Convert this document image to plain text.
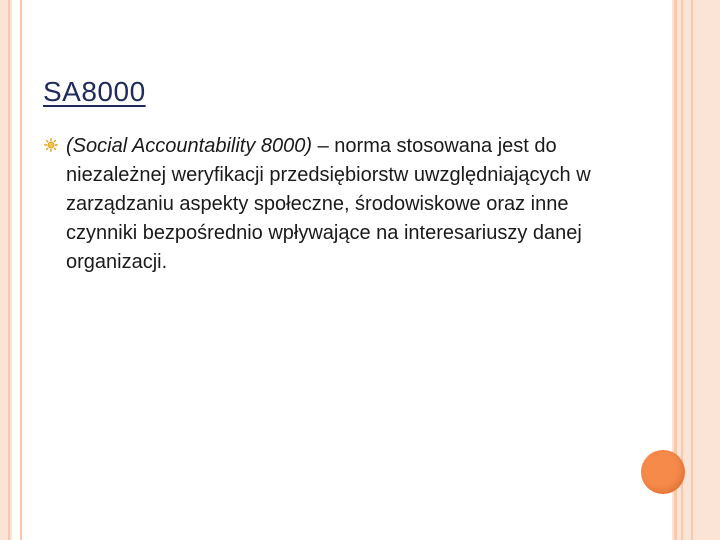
SA8000

(Social Accountability 8000) – norma stosowana jest do niezależnej weryfikacji przedsiębiorstw uwzględniających w zarządzaniu aspekty społeczne, środowiskowe oraz inne czynniki bezpośrednio wpływające na interesariuszy danej organizacji.
